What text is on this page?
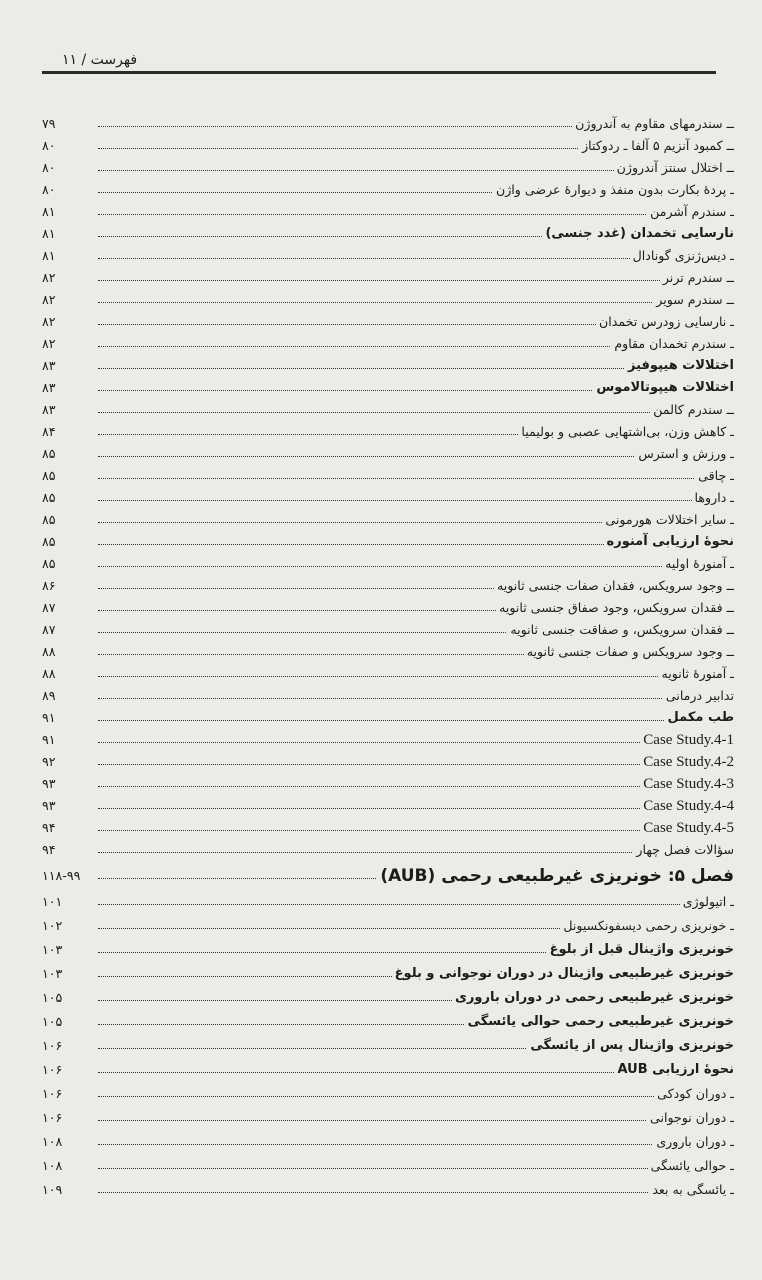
فهرست / ۱۱
ــ سندرمهای مقاوم به آندروژن
۷۹
ــ کمبود آنزیم ۵ آلفا ـ ردوکتاز
۸۰
ــ اختلال سنتز آندروژن
۸۰
ـ پردهٔ بکارت بدون منفذ و دیوارهٔ عرضی واژن
۸۰
ـ سندرم آشرمن
۸۱
نارسایی تخمدان (غدد جنسی)
۸۱
ـ دیس‌ژنزی گونادال
۸۱
ــ سندرم ترنر
۸۲
ــ سندرم سویر
۸۲
ـ نارسایی زودرس تخمدان
۸۲
ـ سندرم تخمدان مقاوم
۸۲
اختلالات هیپوفیز
۸۳
اختلالات هیپوتالاموس
۸۳
ــ سندرم کالمن
۸۳
ـ کاهش وزن، بی‌اشتهایی عصبی و بولیمیا
۸۴
ـ ورزش و استرس
۸۵
ـ چاقی
۸۵
ـ داروها
۸۵
ـ سایر اختلالات هورمونی
۸۵
نحوهٔ ارزیابی آمنوره
۸۵
ـ آمنورهٔ اولیه
۸۵
ــ وجود سرویکس، فقدان صفات جنسی ثانویه
۸۶
ــ فقدان سرویکس، وجود صفاق جنسی ثانویه
۸۷
ــ فقدان سرویکس، و صفاقت جنسی ثانویه
۸۷
ــ وجود سرویکس و صفات جنسی ثانویه
۸۸
ـ آمنورهٔ ثانویه
۸۸
تدابیر درمانی
۸۹
طب مکمل
۹۱
Case Study.4-1
۹۱
Case Study.4-2
۹۲
Case Study.4-3
۹۳
Case Study.4-4
۹۳
Case Study.4-5
۹۴
سؤالات فصل چهار
۹۴
فصل ۵: خونریزی غیرطبیعی رحمی (AUB)
۱۱۸-۹۹
ـ اتیولوژی
۱۰۱
ـ خونریزی رحمی دیسفونکسیونل
۱۰۲
خونریزی واژینال قبل از بلوغ
۱۰۳
خونریزی غیرطبیعی واژینال در دوران نوجوانی و بلوغ
۱۰۳
خونریزی غیرطبیعی رحمی در دوران باروری
۱۰۵
خونریزی غیرطبیعی رحمی حوالی یائسگی
۱۰۵
خونریزی واژینال پس از یائسگی
۱۰۶
نحوهٔ ارزیابی AUB
۱۰۶
ـ دوران کودکی
۱۰۶
ـ دوران نوجوانی
۱۰۶
ـ دوران باروری
۱۰۸
ـ حوالی یائسگی
۱۰۸
ـ یائسگی به بعد
۱۰۹
